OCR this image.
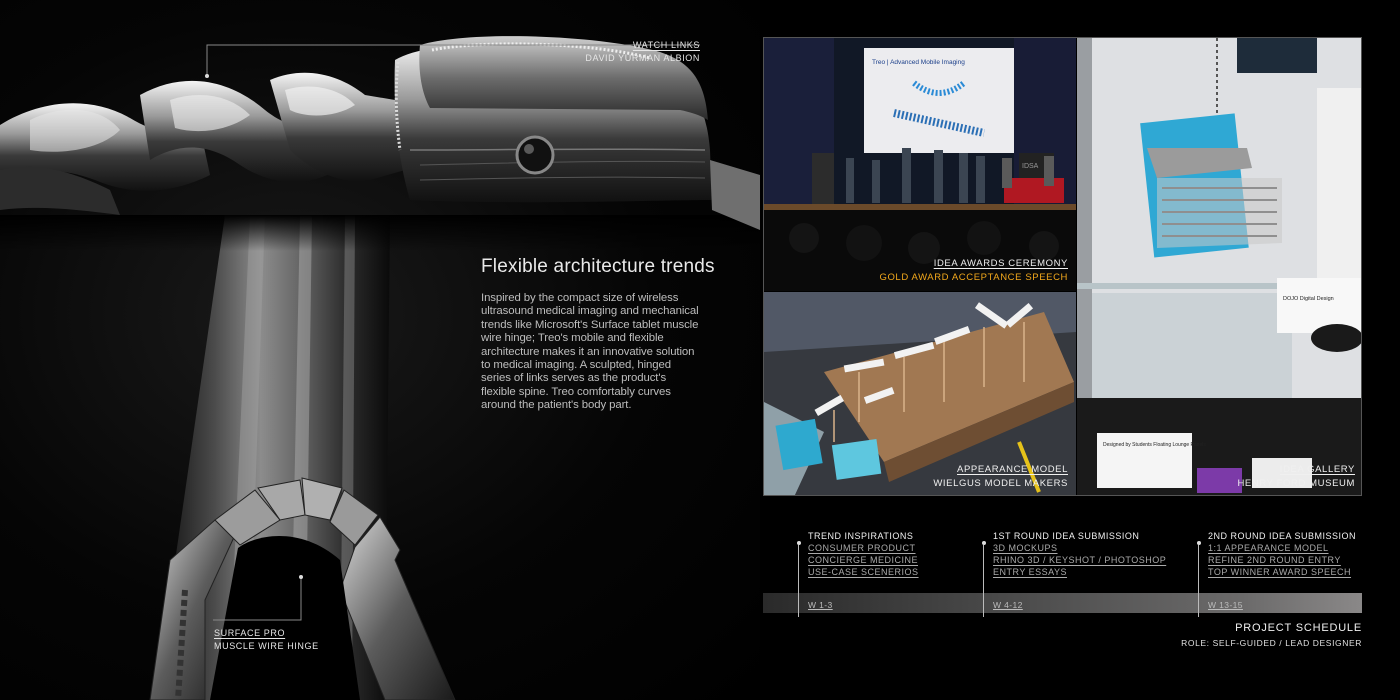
WATCH LINKS
DAVID YURMAN ALBION
SURFACE PRO
MUSCLE WIRE HINGE
Flexible architecture trends

Inspired by the compact size of wireless ultrasound medical imaging and mechanical trends like Microsoft's Surface tablet muscle wire hinge; Treo's mobile and flexible architecture makes it an innovative solution to medical imaging. A sculpted, hinged series of links serves as the product's flexible spine. Treo comfortably curves around the patient's body part.

Treo | Advanced Mobile Imaging
IDSA
IDEA AWARDS CEREMONY
GOLD AWARD ACCEPTANCE SPEECH
DOJO Digital Design
Designed by Students Floating Lounge Panels
IDEA GALLERY
HENRY FORD MUSEUM
APPEARANCE MODEL
WIELGUS MODEL MAKERS
TREND INSPIRATIONS
CONSUMER PRODUCT
CONCIERGE MEDICINE
USE-CASE SCENERIOS
W 1-3
1ST ROUND IDEA SUBMISSION
3D MOCKUPS
RHINO 3D / KEYSHOT / PHOTOSHOP
ENTRY ESSAYS
W 4-12
2ND ROUND IDEA SUBMISSION
1:1 APPEARANCE MODEL
REFINE 2ND ROUND ENTRY
TOP WINNER AWARD SPEECH
W 13-15
PROJECT SCHEDULE
ROLE: SELF-GUIDED / LEAD DESIGNER
